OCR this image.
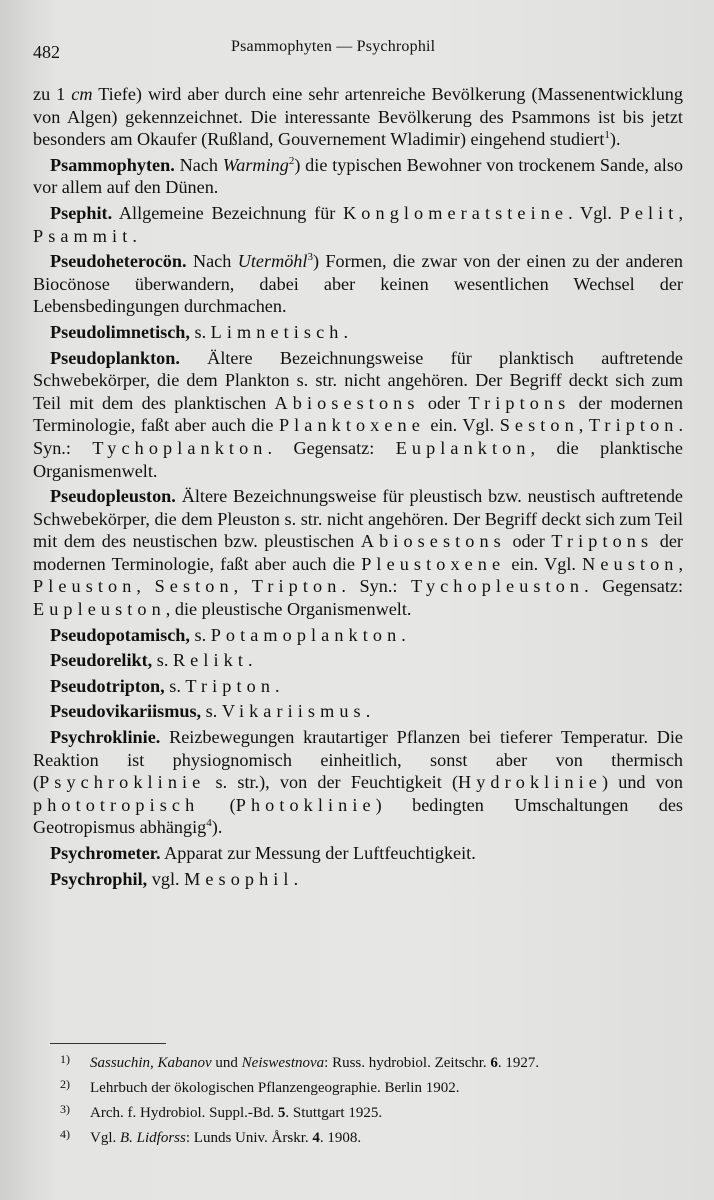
482	Psammophyten — Psychrophil

zu 1 cm Tiefe) wird aber durch eine sehr artenreiche Bevölkerung (Massenentwicklung von Algen) gekennzeichnet. Die interessante Bevölkerung des Psammons ist bis jetzt besonders am Okaufer (Rußland, Gouvernement Wladimir) eingehend studiert$^1$).

Psammophyten. Nach Warming$^2$) die typischen Bewohner von trockenem Sande, also vor allem auf den Dünen.

Psephit. Allgemeine Bezeichnung für Konglomeratsteine. Vgl. Pelit, Psammit.

Pseudoheterocön. Nach Utermöhl$^3$) Formen, die zwar von der einen zu der anderen Biocönose überwandern, dabei aber keinen wesentlichen Wechsel der Lebensbedingungen durchmachen.

Pseudolimnetisch, s. Limnetisch.

Pseudoplankton. Ältere Bezeichnungsweise für planktisch auftretende Schwebekörper, die dem Plankton s. str. nicht angehören. Der Begriff deckt sich zum Teil mit dem des planktischen Abiosestons oder Triptons der modernen Terminologie, faßt aber auch die Planktoxene ein. Vgl. Seston, Tripton. Syn.: Tychoplankton. Gegensatz: Euplankton, die planktische Organismenwelt.

Pseudopleuston. Ältere Bezeichnungsweise für pleustisch bzw. neustisch auftretende Schwebekörper, die dem Pleuston s. str. nicht angehören. Der Begriff deckt sich zum Teil mit dem des neustischen bzw. pleustischen Abiosestons oder Triptons der modernen Terminologie, faßt aber auch die Pleustoxene ein. Vgl. Neuston, Pleuston, Seston, Tripton. Syn.: Tychopleuston. Gegensatz: Eupleuston, die pleustische Organismenwelt.

Pseudopotamisch, s. Potamoplankton.

Pseudorelikt, s. Relikt.

Pseudotripton, s. Tripton.

Pseudovikariismus, s. Vikariismus.

Psychroklinie. Reizbewegungen krautartiger Pflanzen bei tieferer Temperatur. Die Reaktion ist physiognomisch einheitlich, sonst aber von thermisch (Psychroklinie s. str.), von der Feuchtigkeit (Hydroklinie) und von phototropisch (Photoklinie) bedingten Umschaltungen des Geotropismus abhängig$^4$).

Psychrometer. Apparat zur Messung der Luftfeuchtigkeit.

Psychrophil, vgl. Mesophil.

1) Sassuchin, Kabanov und Neiswestnova: Russ. hydrobiol. Zeitschr. 6. 1927.
2) Lehrbuch der ökologischen Pflanzengeographie. Berlin 1902.
3) Arch. f. Hydrobiol. Suppl.-Bd. 5. Stuttgart 1925.
4) Vgl. B. Lidforss: Lunds Univ. Årskr. 4. 1908.
